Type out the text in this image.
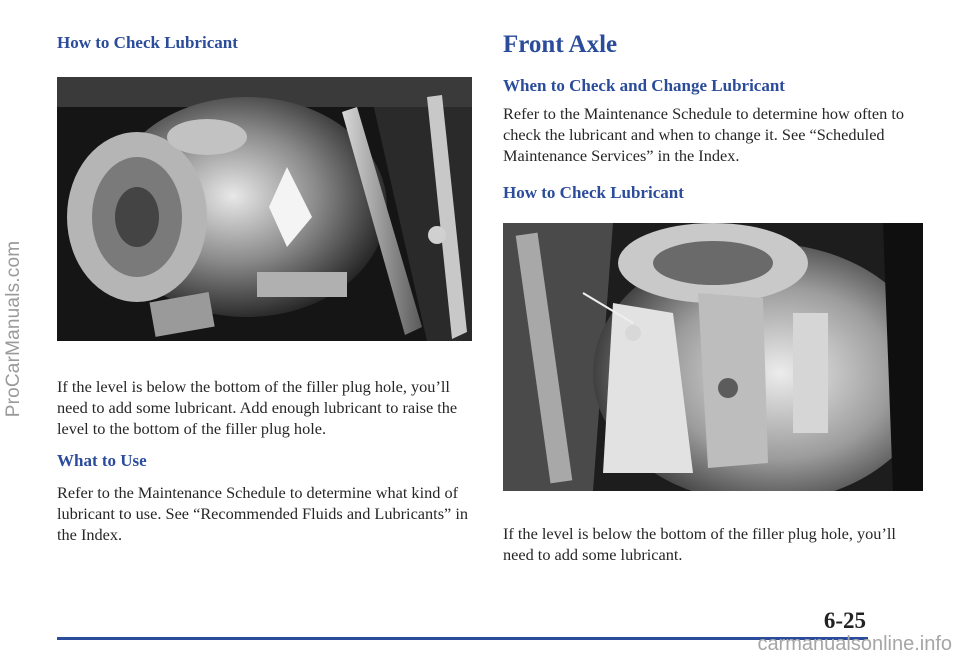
ProCarManuals.com
How to Check Lubricant

If the level is below the bottom of the filler plug hole, you’ll need to add some lubricant. Add enough lubricant to raise the level to the bottom of the filler plug hole.

What to Use

Refer to the Maintenance Schedule to determine what kind of lubricant to use. See “Recommended Fluids and Lubricants” in the Index.

Front Axle
When to Check and Change Lubricant

Refer to the Maintenance Schedule to determine how often to check the lubricant and when to change it. See “Scheduled Maintenance Services” in the Index.

How to Check Lubricant

If the level is below the bottom of the filler plug hole, you’ll need to add some lubricant.

6-25

carmanualsonline.info
